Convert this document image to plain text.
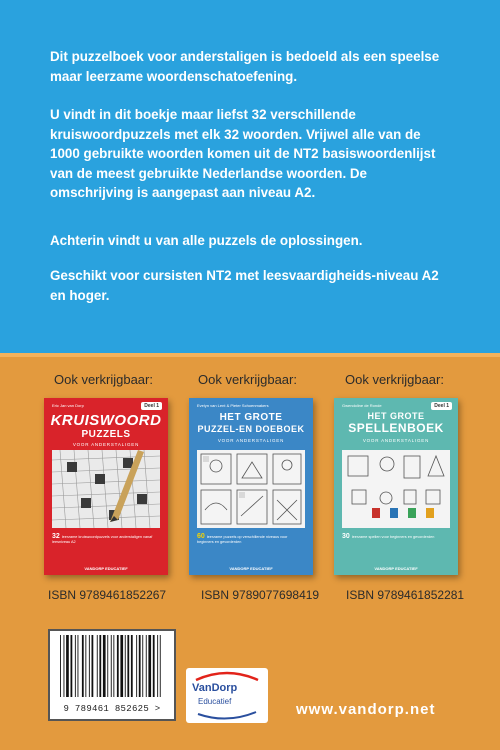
Dit puzzelboek voor anderstaligen is bedoeld als een speelse maar leerzame woordenschatoefening.

U vindt in dit boekje maar liefst 32 verschillende kruiswoordpuzzels met elk 32 woorden. Vrijwel alle van de 1000 gebruikte woorden komen uit de NT2 basiswoordenlijst van de meest gebruikte Nederlandse woorden. De omschrijving is aangepast aan niveau A2.

Achterin vindt u van alle puzzels de oplossingen.

Geschikt voor cursisten NT2 met leesvaardigheids-niveau A2 en hoger.

Ook verkrijgbaar:	Ook verkrijgbaar:	Ook verkrijgbaar:
Eric Jan van Dorp	Deel 1
KRUISWOORD
PUZZELS
VOOR ANDERSTALIGEN
32 leerzame kruiswoordpuzzels voor anderstaligen vanaf leesniveau A2
VANDORP EDUCATIEF
Evelyn van Lent & Pieter Schoenmakers
HET GROTE
PUZZEL-EN DOEBOEK
VOOR ANDERSTALIGEN
60 leerzame puzzels op verschillende niveaus voor beginners en gevorderden
VANDORP EDUCATIEF
Gwendoline de Ronde	Deel 1
HET GROTE
SPELLENBOEK
VOOR ANDERSTALIGEN
30 leerzame spellen voor beginners en gevorderden
VANDORP EDUCATIEF
ISBN 9789461852267	ISBN 9789077698419 ISBN 9789461852281
9 789461 852625 >
VanDorp
Educatief	www.vandorp.net
